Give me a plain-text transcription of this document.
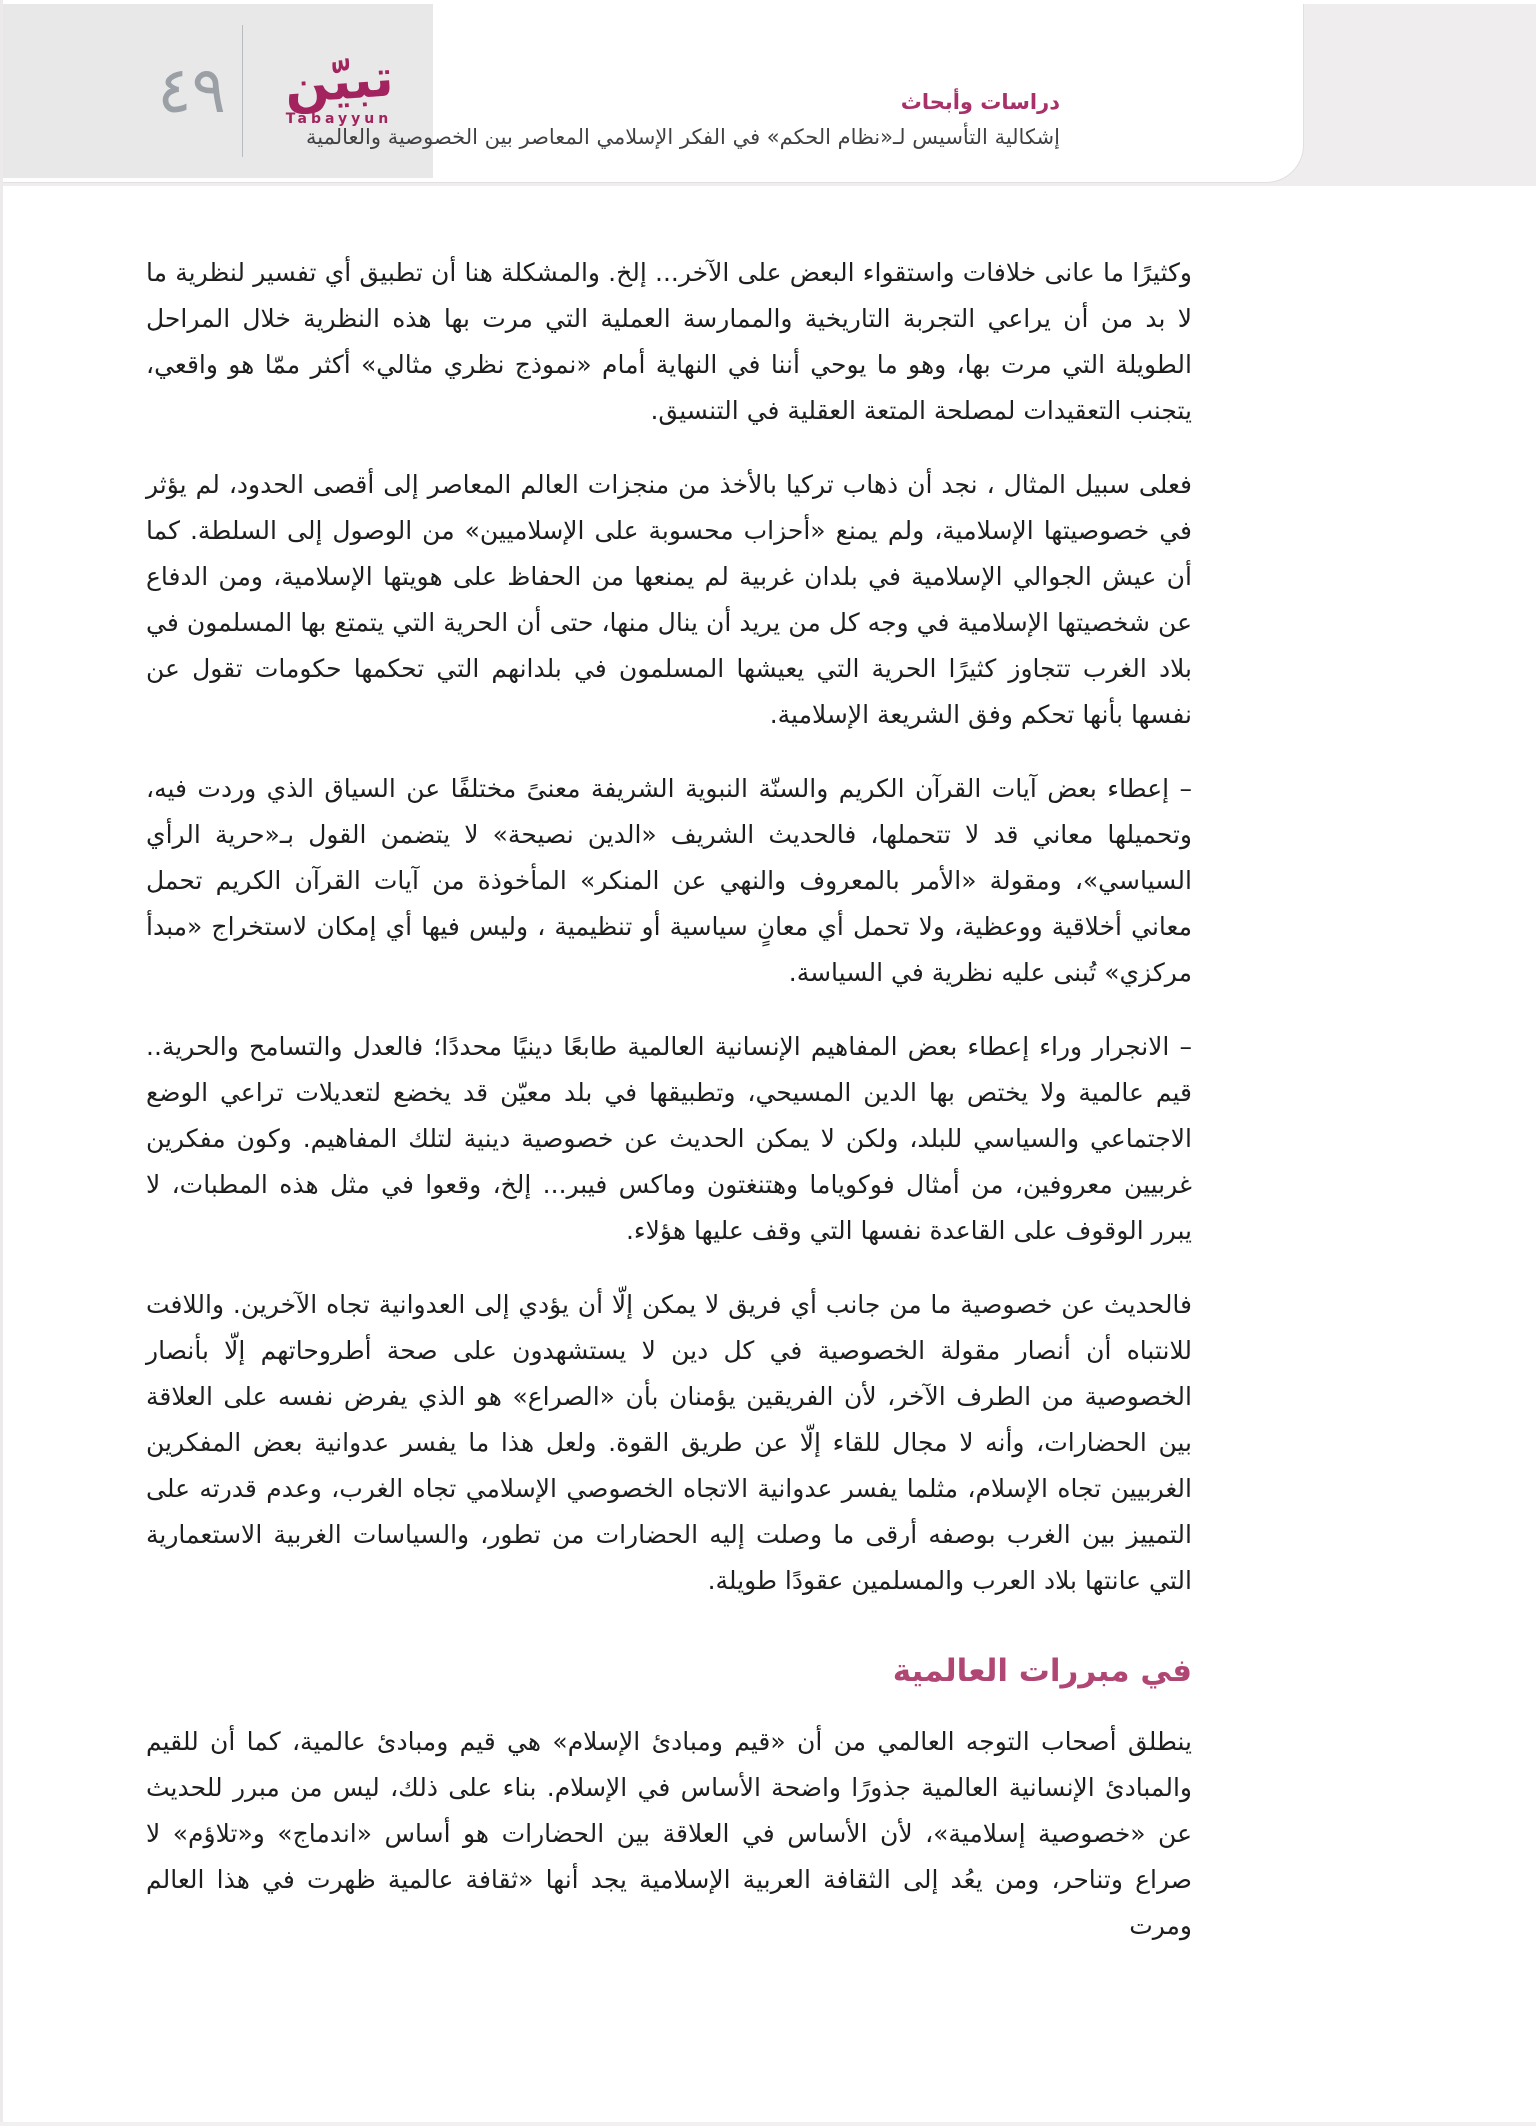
٤٩	تبيّن
Tabayyun
دراسات وأبحاث
إشكالية التأسيس لـ«نظام الحكم» في الفكر الإسلامي المعاصر بين الخصوصية والعالمية

وكثيرًا ما عانى خلافات واستقواء البعض على الآخر... إلخ. والمشكلة هنا أن تطبيق أي تفسير لنظرية ما لا بد من أن يراعي التجربة التاريخية والممارسة العملية التي مرت بها هذه النظرية خلال المراحل الطويلة التي مرت بها، وهو ما يوحي أننا في النهاية أمام «نموذج نظري مثالي» أكثر ممّا هو واقعي، يتجنب التعقيدات لمصلحة المتعة العقلية في التنسيق.

فعلى سبيل المثال ، نجد أن ذهاب تركيا بالأخذ من منجزات العالم المعاصر إلى أقصى الحدود، لم يؤثر في خصوصيتها الإسلامية، ولم يمنع «أحزاب محسوبة على الإسلاميين» من الوصول إلى السلطة. كما أن عيش الجوالي الإسلامية في بلدان غربية لم يمنعها من الحفاظ على هويتها الإسلامية، ومن الدفاع عن شخصيتها الإسلامية في وجه كل من يريد أن ينال منها، حتى أن الحرية التي يتمتع بها المسلمون في بلاد الغرب تتجاوز كثيرًا الحرية التي يعيشها المسلمون في بلدانهم التي تحكمها حكومات تقول عن نفسها بأنها تحكم وفق الشريعة الإسلامية.

– إعطاء بعض آيات القرآن الكريم والسنّة النبوية الشريفة معنىً مختلفًا عن السياق الذي وردت فيه، وتحميلها معاني قد لا تتحملها، فالحديث الشريف «الدين نصيحة» لا يتضمن القول بـ«حرية الرأي السياسي»، ومقولة «الأمر بالمعروف والنهي عن المنكر» المأخوذة من آيات القرآن الكريم تحمل معاني أخلاقية ووعظية، ولا تحمل أي معانٍ سياسية أو تنظيمية ، وليس فيها أي إمكان لاستخراج «مبدأ مركزي» تُبنى عليه نظرية في السياسة.

– الانجرار وراء إعطاء بعض المفاهيم الإنسانية العالمية طابعًا دينيًا محددًا؛ فالعدل والتسامح والحرية.. قيم عالمية ولا يختص بها الدين المسيحي، وتطبيقها في بلد معيّن قد يخضع لتعديلات تراعي الوضع الاجتماعي والسياسي للبلد، ولكن لا يمكن الحديث عن خصوصية دينية لتلك المفاهيم. وكون مفكرين غربيين معروفين، من أمثال فوكوياما وهتنغتون وماكس فيبر... إلخ، وقعوا في مثل هذه المطبات، لا يبرر الوقوف على القاعدة نفسها التي وقف عليها هؤلاء.

فالحديث عن خصوصية ما من جانب أي فريق لا يمكن إلّا أن يؤدي إلى العدوانية تجاه الآخرين. واللافت للانتباه أن أنصار مقولة الخصوصية في كل دين لا يستشهدون على صحة أطروحاتهم إلّا بأنصار الخصوصية من الطرف الآخر، لأن الفريقين يؤمنان بأن «الصراع» هو الذي يفرض نفسه على العلاقة بين الحضارات، وأنه لا مجال للقاء إلّا عن طريق القوة. ولعل هذا ما يفسر عدوانية بعض المفكرين الغربيين تجاه الإسلام، مثلما يفسر عدوانية الاتجاه الخصوصي الإسلامي تجاه الغرب، وعدم قدرته على التمييز بين الغرب بوصفه أرقى ما وصلت إليه الحضارات من تطور، والسياسات الغربية الاستعمارية التي عانتها بلاد العرب والمسلمين عقودًا طويلة.

في مبررات العالمية

ينطلق أصحاب التوجه العالمي من أن «قيم ومبادئ الإسلام» هي قيم ومبادئ عالمية، كما أن للقيم والمبادئ الإنسانية العالمية جذورًا واضحة الأساس في الإسلام. بناء على ذلك، ليس من مبرر للحديث عن «خصوصية إسلامية»، لأن الأساس في العلاقة بين الحضارات هو أساس «اندماج» و«تلاؤم» لا صراع وتناحر، ومن يعُد إلى الثقافة العربية الإسلامية يجد أنها «ثقافة عالمية ظهرت في هذا العالم ومرت
